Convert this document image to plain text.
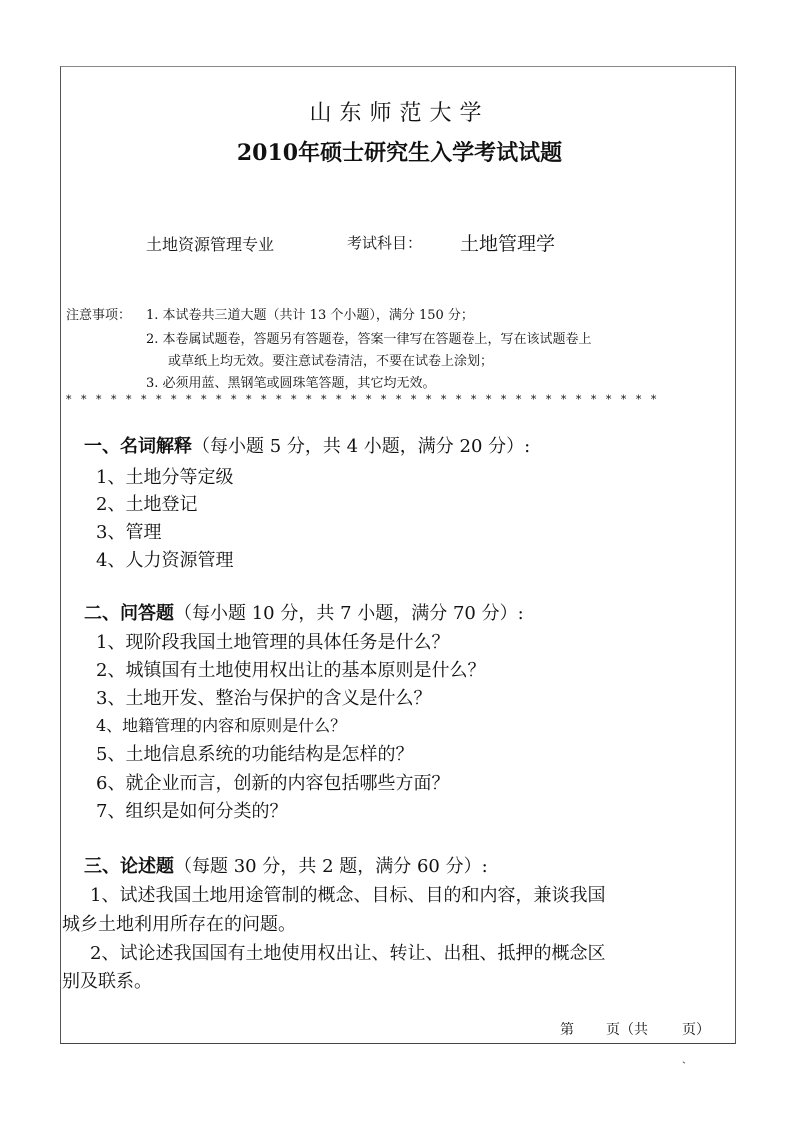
山东师范大学
2010年硕士研究生入学考试试题
土地资源管理专业	考试科目： 土地管理学
注意事项： 1. 本试卷共三道大题（共计 13 个小题），满分 150 分；
2. 本卷属试题卷，答题另有答题卷，答案一律写在答题卷上，写在该试题卷上
或草纸上均无效。要注意试卷清洁，不要在试卷上涂划；
3. 必须用蓝、黑钢笔或圆珠笔答题，其它均无效。
* * * * * * * * * * * * * * * * * * * * * * * * * * * * * * * * * * * * * * * *
一、名词解释（每小题 5 分，共 4 小题，满分 20 分）:
1、土地分等定级
2、土地登记
3、管理
4、人力资源管理
二、问答题（每小题 10 分，共 7 小题，满分 70 分）:
1、现阶段我国土地管理的具体任务是什么？
2、城镇国有土地使用权出让的基本原则是什么？
3、土地开发、整治与保护的含义是什么？
4、地籍管理的内容和原则是什么？
5、土地信息系统的功能结构是怎样的？
6、就企业而言，创新的内容包括哪些方面？
7、组织是如何分类的？
三、论述题（每题 30 分，共 2 题，满分 60 分）:
1、试述我国土地用途管制的概念、目标、目的和内容，兼谈我国
城乡土地利用所存在的问题。
2、试论述我国国有土地使用权出让、转让、出租、抵押的概念区
别及联系。
第 页（共 页）
ˏ
